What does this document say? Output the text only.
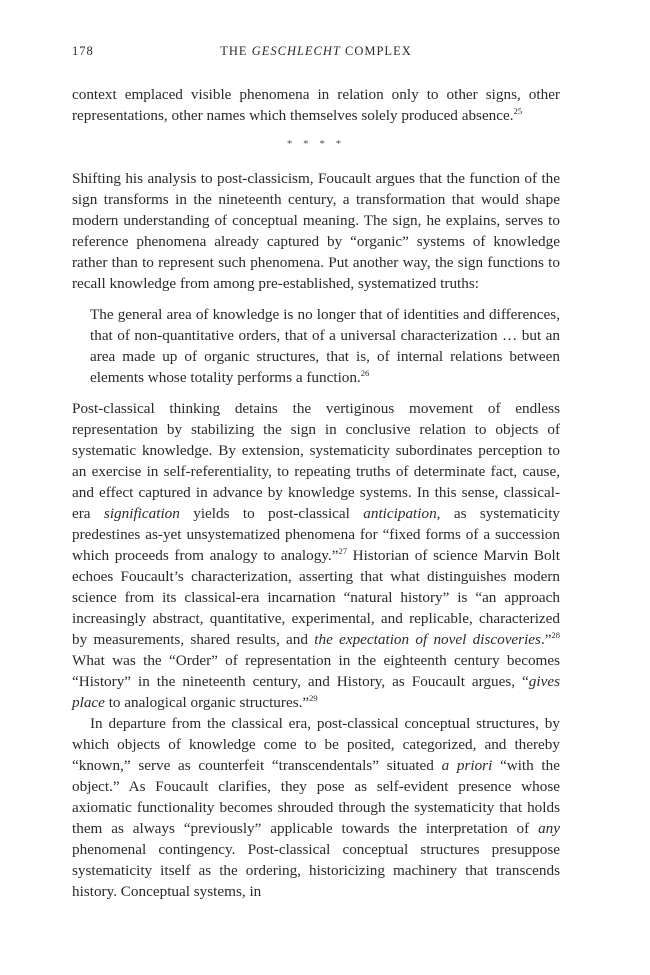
178	THE GESCHLECHT COMPLEX

context emplaced visible phenomena in relation only to other signs, other representations, other names which themselves solely produced absence.$^{25}$

* * * *

Shifting his analysis to post-classicism, Foucault argues that the function of the sign transforms in the nineteenth century, a transformation that would shape modern understanding of conceptual meaning. The sign, he explains, serves to reference phenomena already captured by “organic” systems of knowledge rather than to represent such phenomena. Put another way, the sign functions to recall knowledge from among pre-established, systematized truths:

The general area of knowledge is no longer that of identities and differences, that of non-quantitative orders, that of a universal characterization … but an area made up of organic structures, that is, of internal relations between elements whose totality performs a function.$^{26}$

Post-classical thinking detains the vertiginous movement of endless representation by stabilizing the sign in conclusive relation to objects of systematic knowledge. By extension, systematicity subordinates perception to an exercise in self-referentiality, to repeating truths of determinate fact, cause, and effect captured in advance by knowledge systems. In this sense, classical-era signification yields to post-classical anticipation, as systematicity predestines as-yet unsystematized phenomena for “fixed forms of a succession which proceeds from analogy to analogy.”$^{27}$ Historian of science Marvin Bolt echoes Foucault’s characterization, asserting that what distinguishes modern science from its classical-era incarnation “natural history” is “an approach increasingly abstract, quantitative, experimental, and replicable, characterized by measurements, shared results, and the expectation of novel discoveries.”$^{28}$ What was the “Order” of representation in the eighteenth century becomes “History” in the nineteenth century, and History, as Foucault argues, “gives place to analogical organic structures.”$^{29}$

In departure from the classical era, post-classical conceptual structures, by which objects of knowledge come to be posited, categorized, and thereby “known,” serve as counterfeit “transcendentals” situated a priori “with the object.” As Foucault clarifies, they pose as self-evident presence whose axiomatic functionality becomes shrouded through the systematicity that holds them as always “previously” applicable towards the interpretation of any phenomenal contingency. Post-classical conceptual structures presuppose systematicity itself as the ordering, historicizing machinery that transcends history. Conceptual systems, in
